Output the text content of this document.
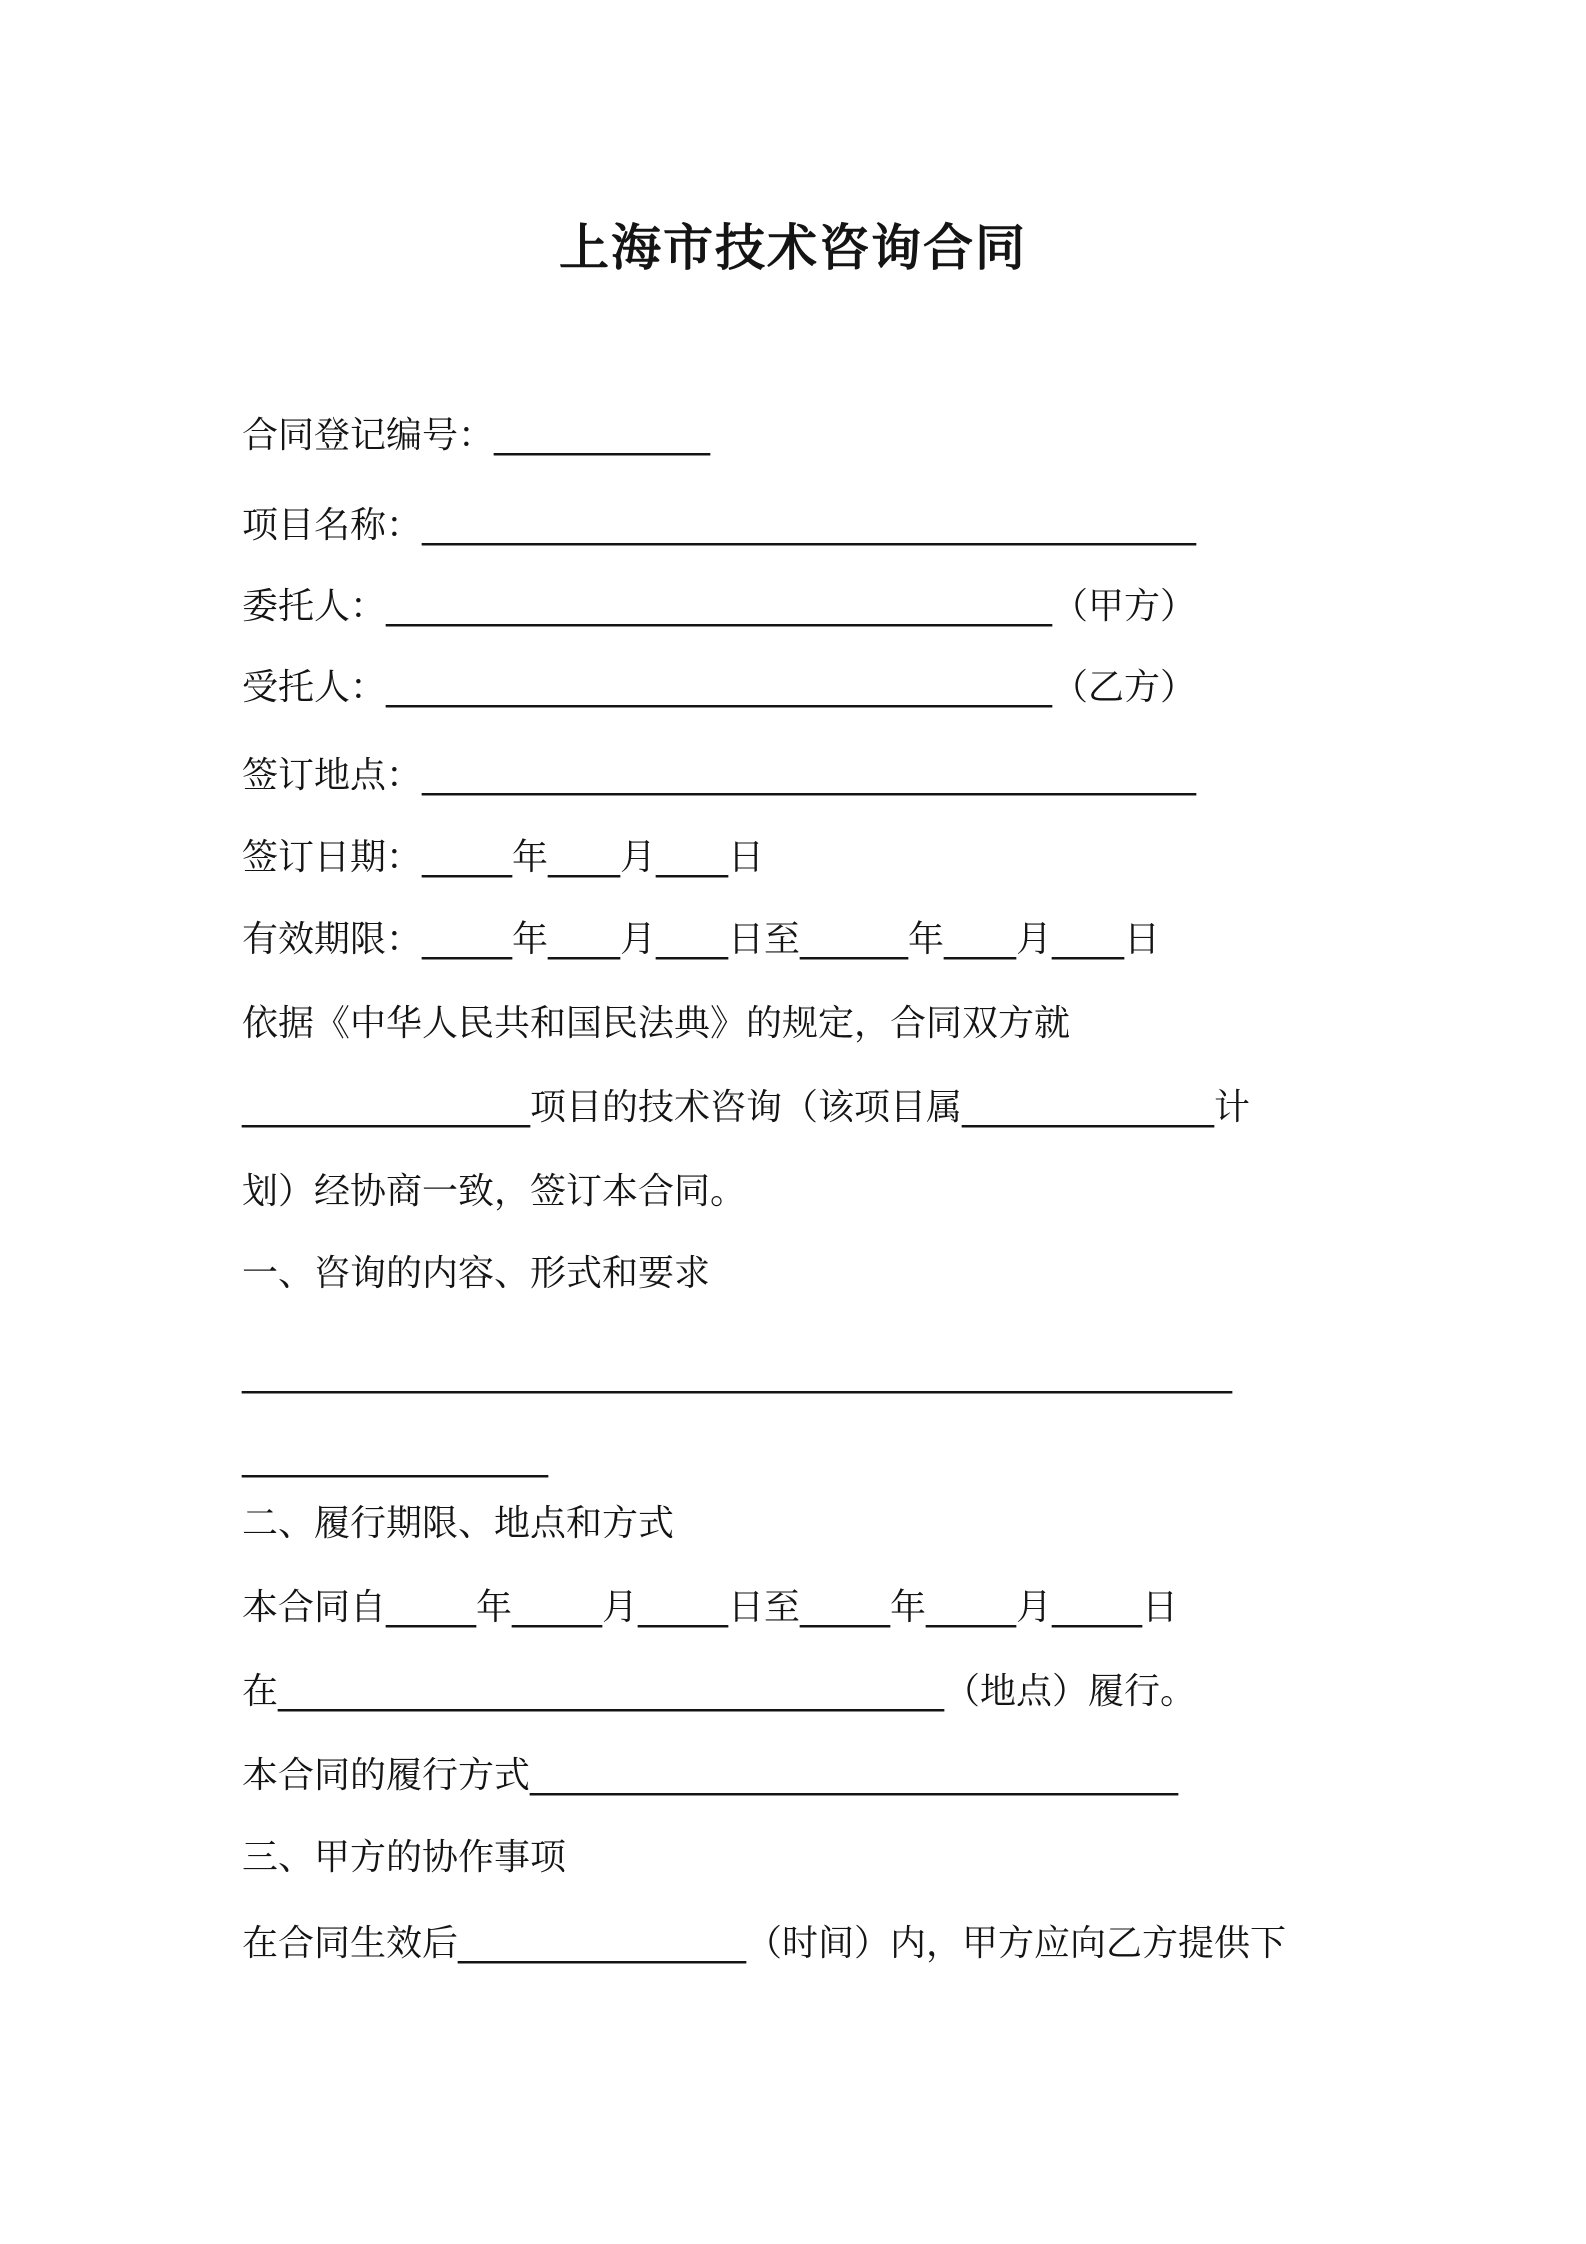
上海市技术咨询合同
合同登记编号：____________
项目名称：___________________________________________
委托人：_____________________________________（甲方）
受托人：_____________________________________（乙方）
签订地点：___________________________________________
签订日期：_____年____月____日
有效期限：_____年____月____日至______年____月____日
依据《中华人民共和国民法典》的规定，合同双方就
________________项目的技术咨询（该项目属______________计
划）经协商一致，签订本合同。
一、咨询的内容、形式和要求
_______________________________________________________
_________________
二、履行期限、地点和方式
本合同自_____年_____月_____日至_____年_____月_____日
在_____________________________________（地点）履行。
本合同的履行方式____________________________________
三、甲方的协作事项
在合同生效后________________（时间）内，甲方应向乙方提供下
